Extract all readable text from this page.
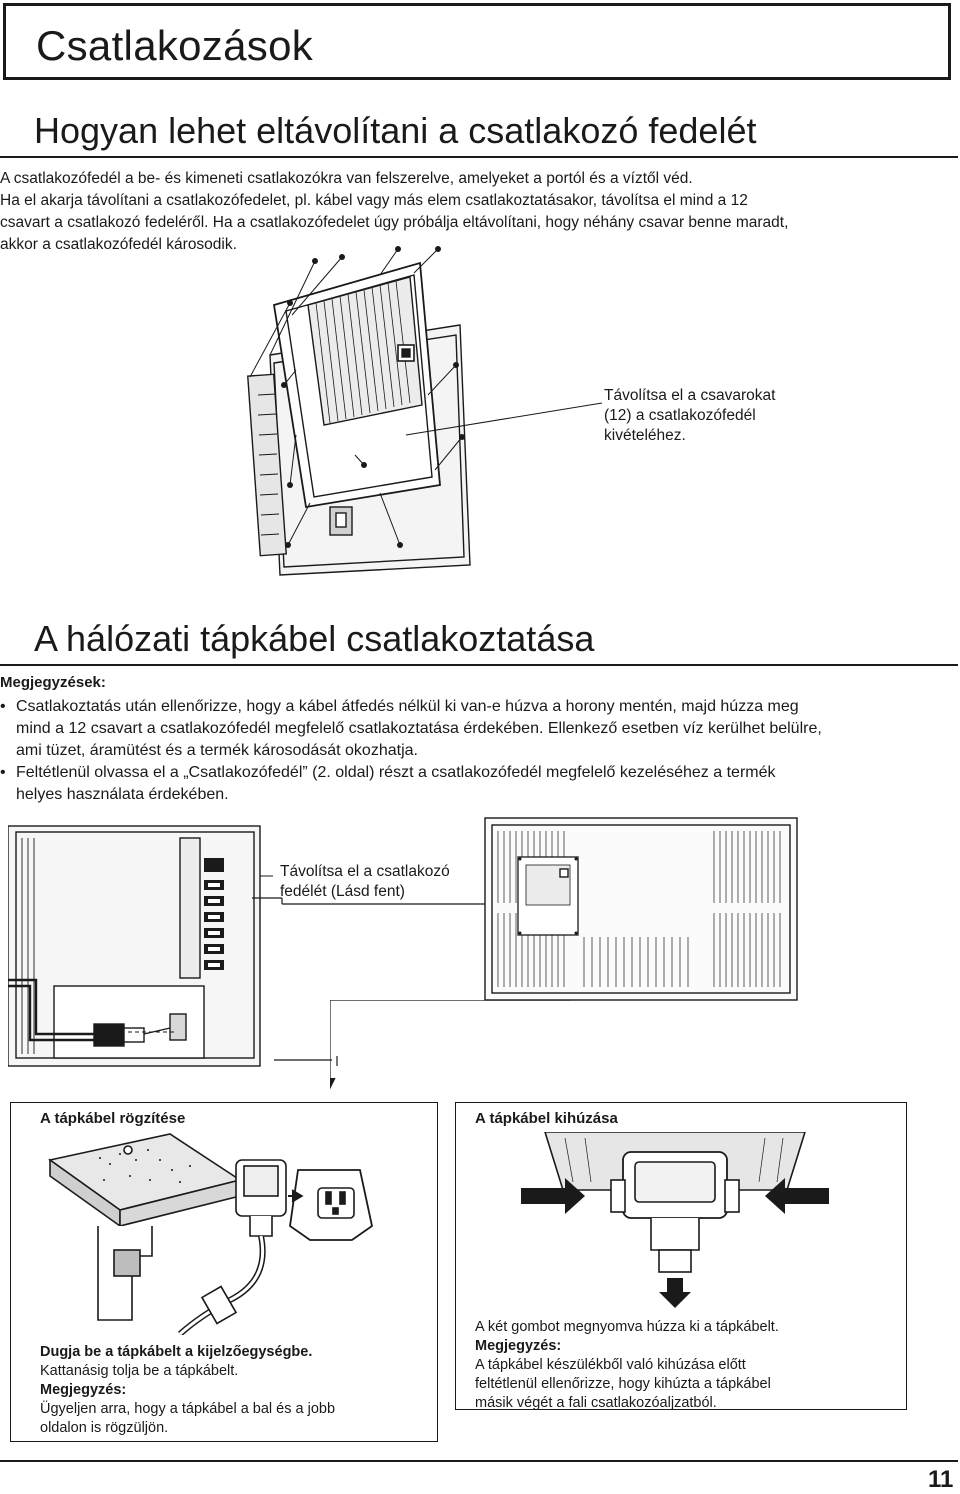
Csatlakozások
Hogyan lehet eltávolítani a csatlakozó fedelét

A csatlakozófedél a be- és kimeneti csatlakozókra van felszerelve, amelyeket a portól és a víztől véd.

Ha el akarja távolítani a csatlakozófedelet, pl. kábel vagy más elem csatlakoztatásakor, távolítsa el mind a 12

csavart a csatlakozó fedeléről. Ha a csatlakozófedelet úgy próbálja eltávolítani, hogy néhány csavar benne maradt,

akkor a csatlakozófedél károsodik.

Távolítsa el a csavarokat
(12) a csatlakozófedél
kivételéhez.
A hálózati tápkábel csatlakoztatása
Megjegyzések:
• Csatlakoztatás után ellenőrizze, hogy a kábel átfedés nélkül ki van-e húzva a horony mentén, majd húzza meg
mind a 12 csavart a csatlakozófedél megfelelő csatlakoztatása érdekében. Ellenkező esetben víz kerülhet belülre,
ami tüzet, áramütést és a termék károsodását okozhatja.
• Feltétlenül olvassa el a „Csatlakozófedél” (2. oldal) részt a csatlakozófedél megfelelő kezeléséhez a termék
helyes használata érdekében.
Távolítsa el a csatlakozó
fedélét (Lásd fent)
A tápkábel rögzítése
Dugja be a tápkábelt a kijelzőegységbe.
Kattanásig tolja be a tápkábelt.
Megjegyzés:
Ügyeljen arra, hogy a tápkábel a bal és a jobb
oldalon is rögzüljön.
A tápkábel kihúzása
A két gombot megnyomva húzza ki a tápkábelt.
Megjegyzés:
A tápkábel készülékből való kihúzása előtt
feltétlenül ellenőrizze, hogy kihúzta a tápkábel
másik végét a fali csatlakozóaljzatból.
11
